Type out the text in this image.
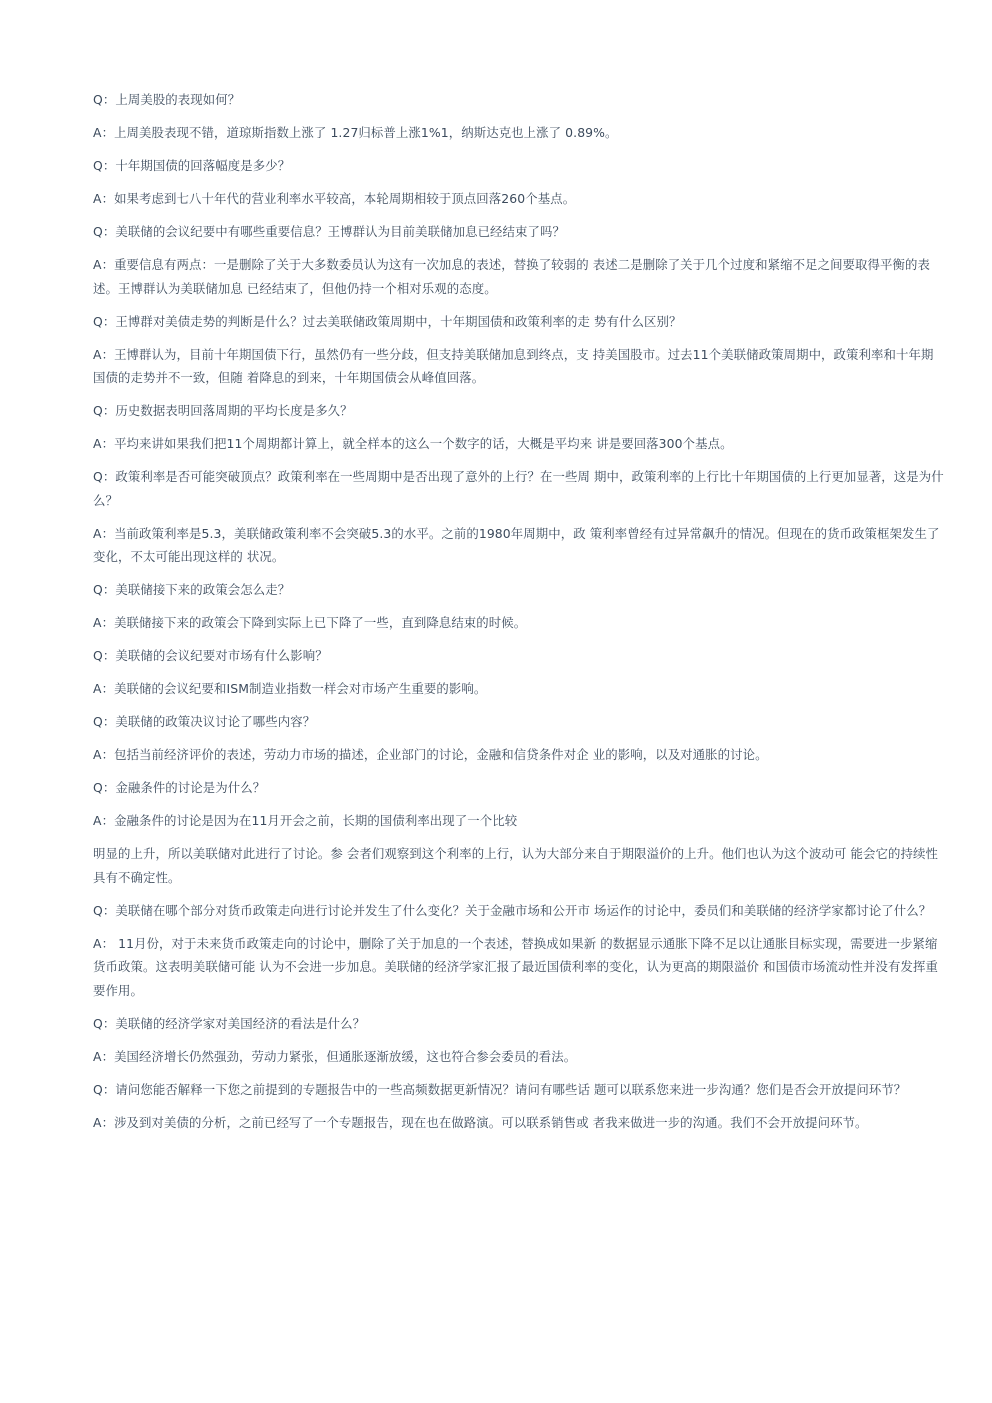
Q：上周美股的表现如何？

A：上周美股表现不错，道琼斯指数上涨了 1.27归标普上涨1%1，纳斯达克也上涨了 0.89%。

Q：十年期国债的回落幅度是多少？

A：如果考虑到七八十年代的营业利率水平较高，本轮周期相较于顶点回落260个基点。

Q：美联储的会议纪要中有哪些重要信息？王博群认为目前美联储加息已经结束了吗？

A：重要信息有两点：一是删除了关于大多数委员认为这有一次加息的表述，替换了较弱的 表述二是删除了关于几个过度和紧缩不足之间要取得平衡的表述。王博群认为美联储加息 已经结束了，但他仍持一个相对乐观的态度。

Q：王博群对美债走势的判断是什么？过去美联储政策周期中，十年期国债和政策利率的走 势有什么区别？

A：王博群认为，目前十年期国债下行，虽然仍有一些分歧，但支持美联储加息到终点，支 持美国股市。过去11个美联储政策周期中，政策利率和十年期国债的走势并不一致，但随 着降息的到来，十年期国债会从峰值回落。

Q：历史数据表明回落周期的平均长度是多久？

A：平均来讲如果我们把11个周期都计算上，就全样本的这么一个数字的话，大概是平均来 讲是要回落300个基点。

Q：政策利率是否可能突破顶点？政策利率在一些周期中是否出现了意外的上行？在一些周 期中，政策利率的上行比十年期国债的上行更加显著，这是为什么？

A：当前政策利率是5.3，美联储政策利率不会突破5.3的水平。之前的1980年周期中，政 策利率曾经有过异常飙升的情况。但现在的货币政策框架发生了变化，不太可能出现这样的 状况。

Q：美联储接下来的政策会怎么走？

A：美联储接下来的政策会下降到实际上已下降了一些，直到降息结束的时候。

Q：美联储的会议纪要对市场有什么影响？

A：美联储的会议纪要和ISM制造业指数一样会对市场产生重要的影响。

Q：美联储的政策决议讨论了哪些内容？

A：包括当前经济评价的表述，劳动力市场的描述，企业部门的讨论，金融和信贷条件对企 业的影响，以及对通胀的讨论。

Q：金融条件的讨论是为什么？

A：金融条件的讨论是因为在11月开会之前，长期的国债利率出现了一个比较

明显的上升，所以美联储对此进行了讨论。参 会者们观察到这个利率的上行，认为大部分来自于期限溢价的上升。他们也认为这个波动可 能会它的持续性具有不确定性。

Q：美联储在哪个部分对货币政策走向进行讨论并发生了什么变化？关于金融市场和公开市 场运作的讨论中，委员们和美联储的经济学家都讨论了什么？

A： 11月份，对于未来货币政策走向的讨论中，删除了关于加息的一个表述，替换成如果新 的数据显示通胀下降不足以让通胀目标实现，需要进一步紧缩货币政策。这表明美联储可能 认为不会进一步加息。美联储的经济学家汇报了最近国债利率的变化，认为更高的期限溢价 和国债市场流动性并没有发挥重要作用。

Q：美联储的经济学家对美国经济的看法是什么？

A：美国经济增长仍然强劲，劳动力紧张，但通胀逐渐放缓，这也符合参会委员的看法。

Q：请问您能否解释一下您之前提到的专题报告中的一些高频数据更新情况？请问有哪些话 题可以联系您来进一步沟通？您们是否会开放提问环节？

A：涉及到对美债的分析，之前已经写了一个专题报告，现在也在做路演。可以联系销售或 者我来做进一步的沟通。我们不会开放提问环节。
